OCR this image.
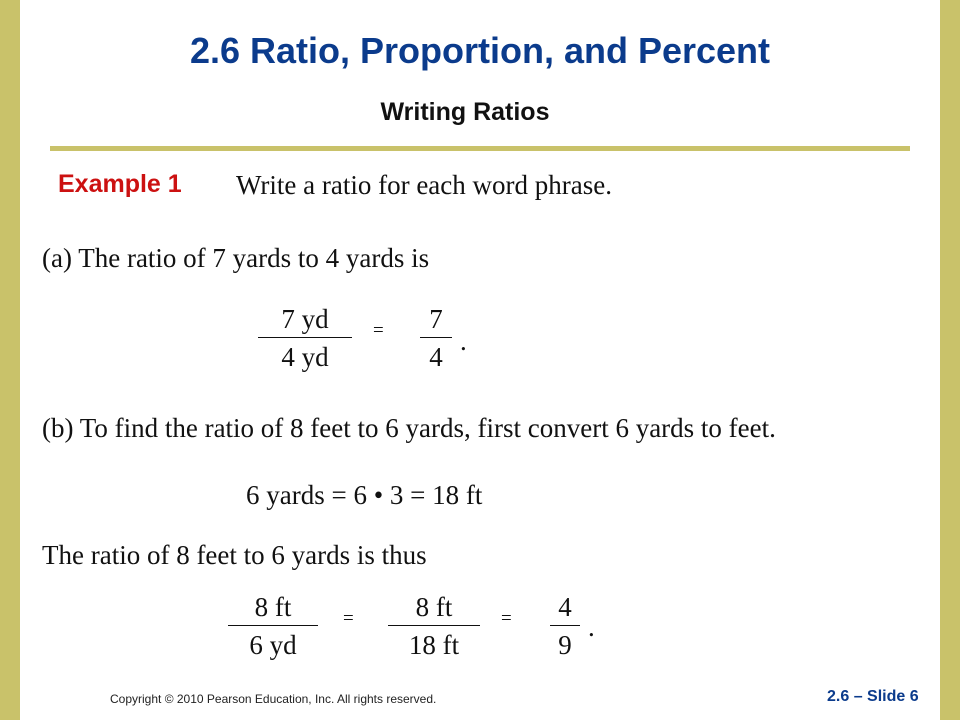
2.6 Ratio, Proportion, and Percent
Writing Ratios
Example 1 Write a ratio for each word phrase.
(a) The ratio of 7 yards to 4 yards is
7 yd
4 yd
=	7
4
.
(b) To find the ratio of 8 feet to 6 yards, first convert 6 yards to feet.
6 yards = 6 • 3 = 18 ft
The ratio of 8 feet to 6 yards is thus
8 ft
6 yd
=	8 ft
18 ft
=	4
9
.
Copyright © 2010 Pearson Education, Inc. All rights reserved.	2.6 – Slide 6
